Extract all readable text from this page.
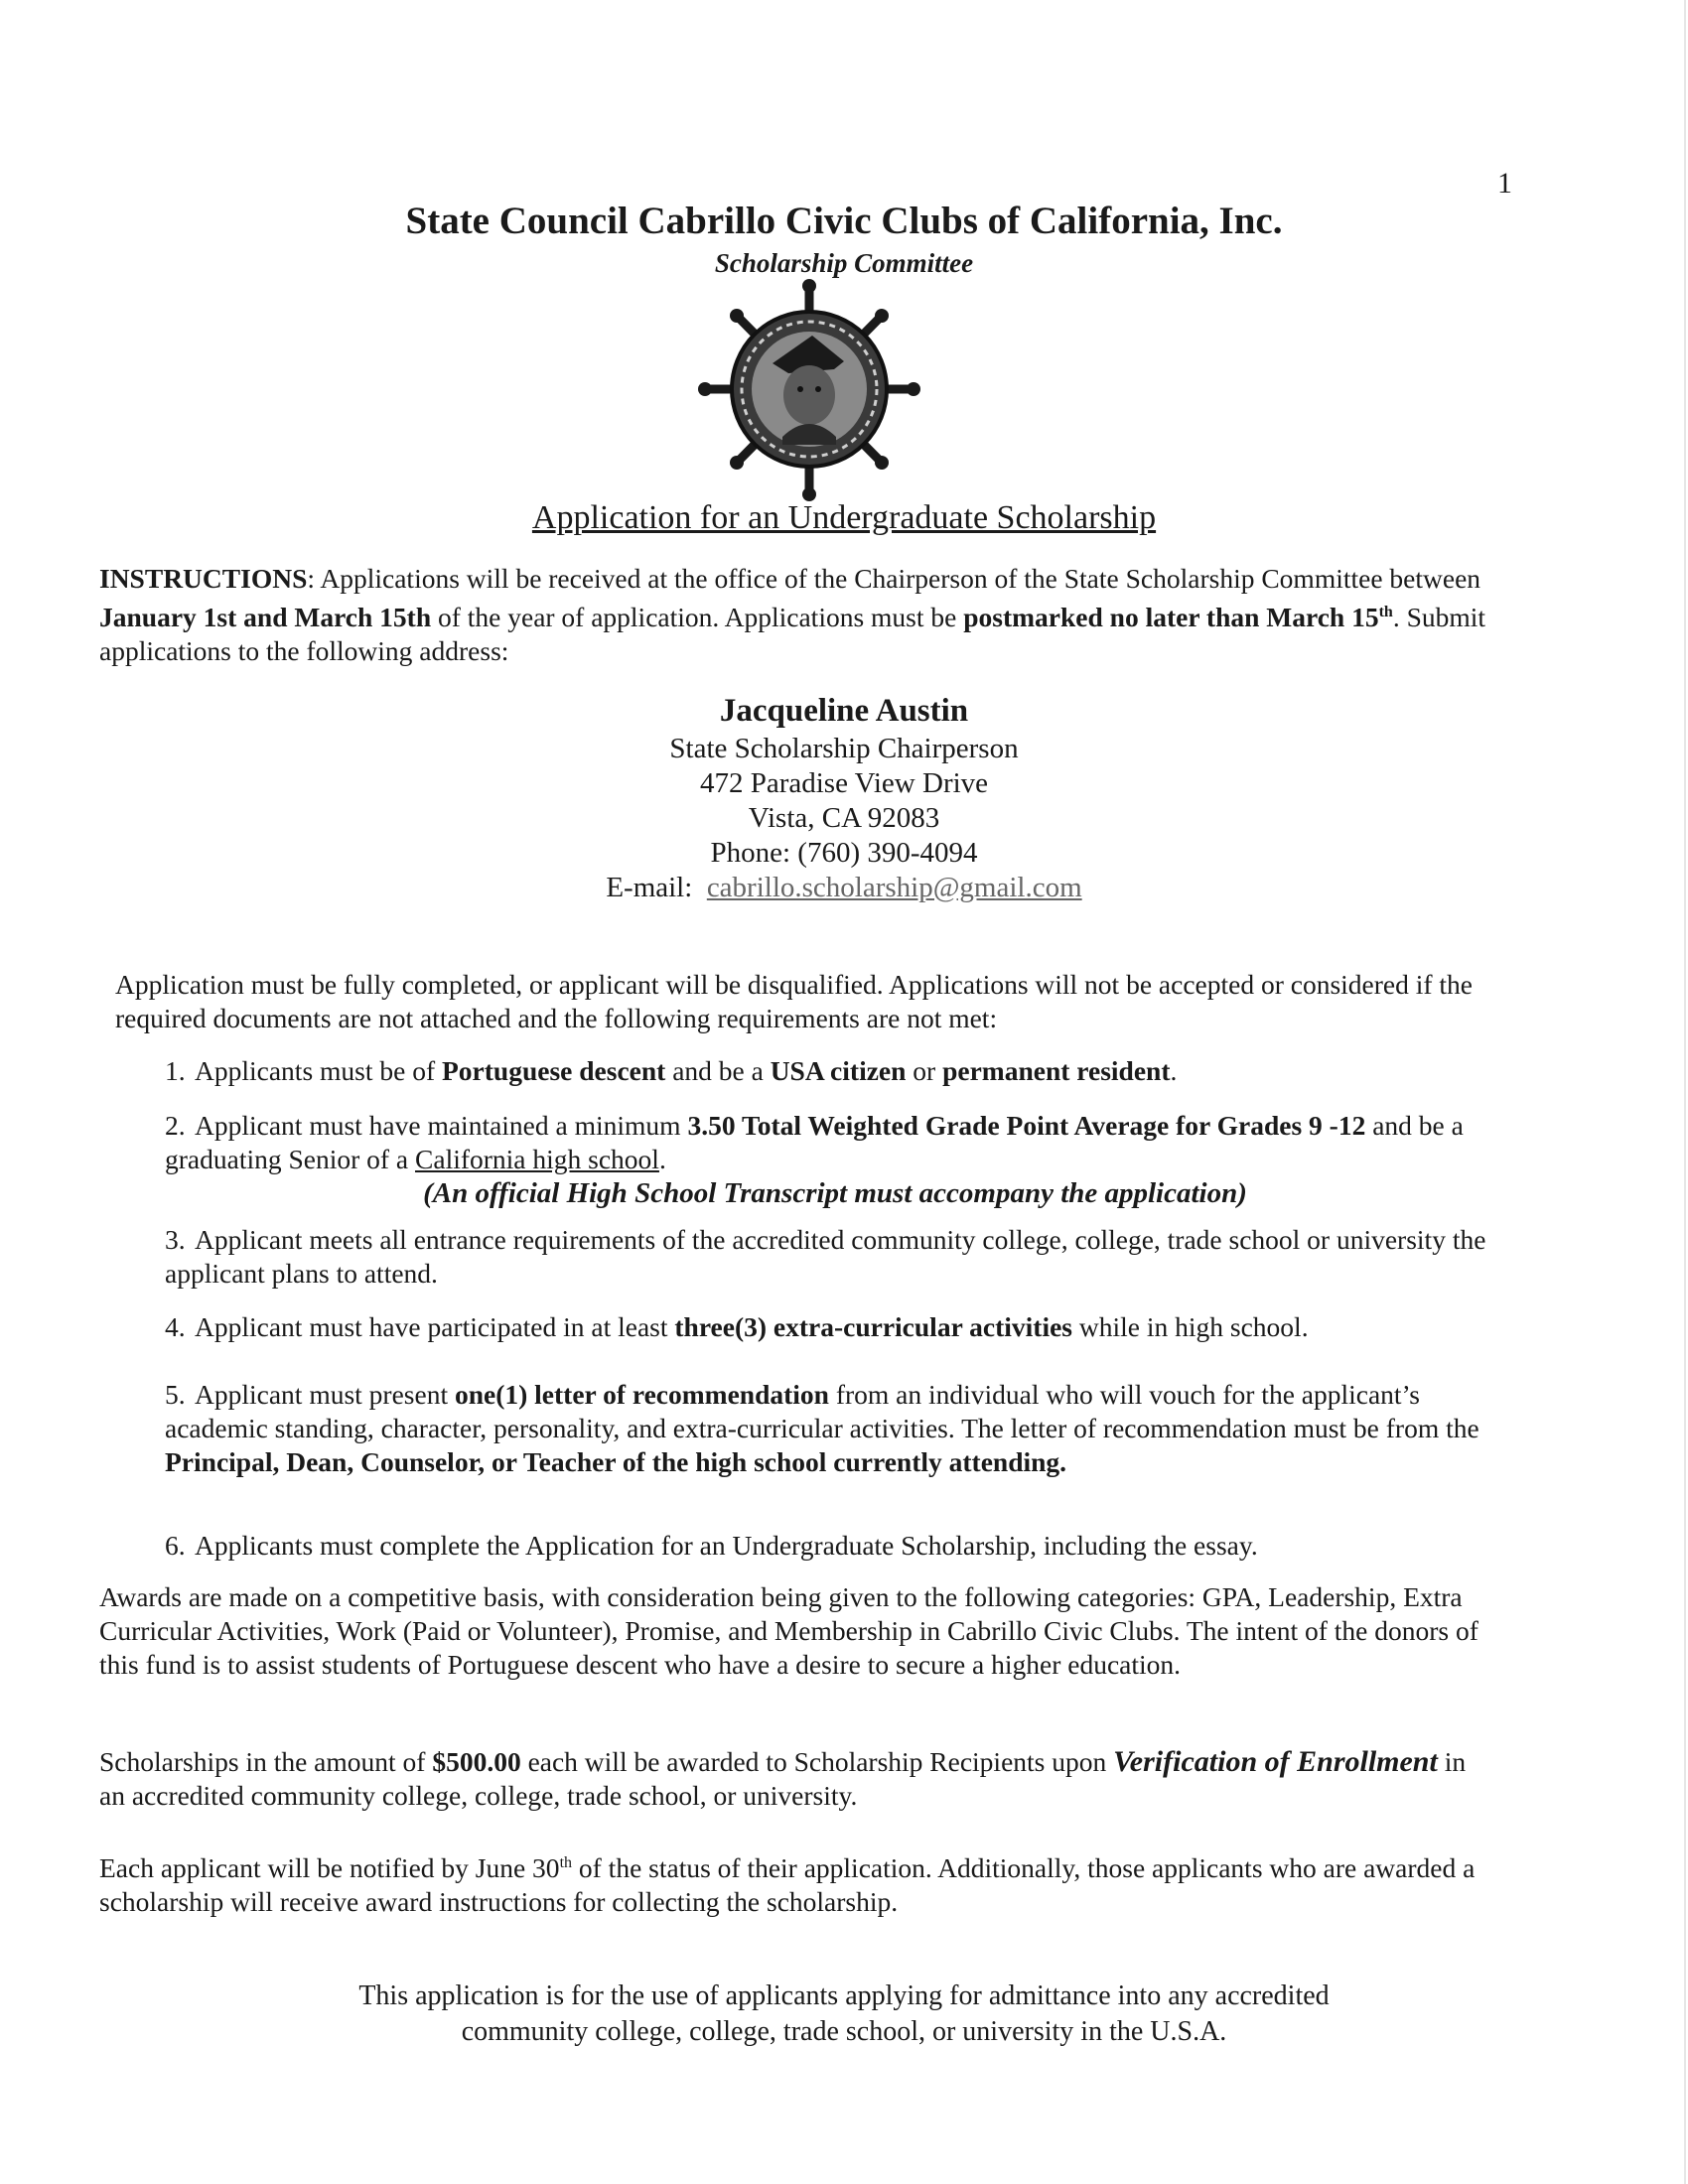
1
State Council Cabrillo Civic Clubs of California, Inc.
Scholarship Committee
Application for an Undergraduate Scholarship
INSTRUCTIONS: Applications will be received at the office of the Chairperson of the State Scholarship Committee between January 1st and March 15th of the year of application. Applications must be postmarked no later than March 15th. Submit applications to the following address:
Jacqueline Austin
State Scholarship Chairperson
472 Paradise View Drive
Vista, CA 92083
Phone: (760) 390-4094
E-mail: cabrillo.scholarship@gmail.com
Application must be fully completed, or applicant will be disqualified. Applications will not be accepted or considered if the required documents are not attached and the following requirements are not met:
1. Applicants must be of Portuguese descent and be a USA citizen or permanent resident.
2. Applicant must have maintained a minimum 3.50 Total Weighted Grade Point Average for Grades 9 -12 and be a graduating Senior of a California high school.
(An official High School Transcript must accompany the application)
3. Applicant meets all entrance requirements of the accredited community college, college, trade school or university the applicant plans to attend.
4. Applicant must have participated in at least three(3) extra-curricular activities while in high school.
5. Applicant must present one(1) letter of recommendation from an individual who will vouch for the applicant’s academic standing, character, personality, and extra-curricular activities. The letter of recommendation must be from the Principal, Dean, Counselor, or Teacher of the high school currently attending.
6. Applicants must complete the Application for an Undergraduate Scholarship, including the essay.
Awards are made on a competitive basis, with consideration being given to the following categories: GPA, Leadership, Extra Curricular Activities, Work (Paid or Volunteer), Promise, and Membership in Cabrillo Civic Clubs. The intent of the donors of this fund is to assist students of Portuguese descent who have a desire to secure a higher education.
Scholarships in the amount of $500.00 each will be awarded to Scholarship Recipients upon Verification of Enrollment in an accredited community college, college, trade school, or university.
Each applicant will be notified by June 30th of the status of their application. Additionally, those applicants who are awarded a scholarship will receive award instructions for collecting the scholarship.
This application is for the use of applicants applying for admittance into any accredited
community college, college, trade school, or university in the U.S.A.
